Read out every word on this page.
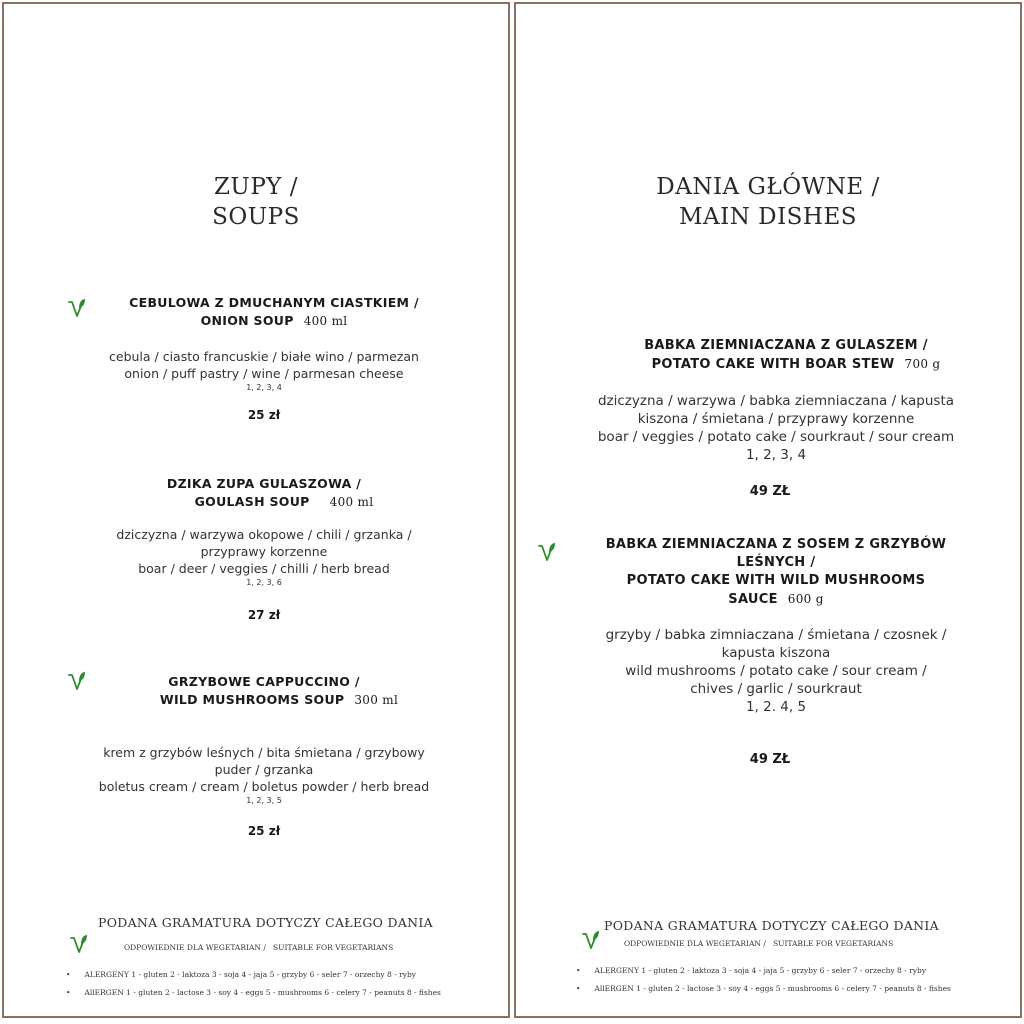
ZUPY /
SOUPS
CEBULOWA Z DMUCHANYM CIASTKIEM /
ONION SOUP 400 ml
cebula / ciasto francuskie / białe wino / parmezan
onion / puff pastry / wine / parmesan cheese
1, 2, 3, 4
25 zł
DZIKA ZUPA GULASZOWA /
GOULASH SOUP 400 ml
dziczyzna / warzywa okopowe / chili / grzanka /
przyprawy korzenne
boar / deer / veggies / chilli / herb bread
1, 2, 3, 6
27 zł
GRZYBOWE CAPPUCCINO /
WILD MUSHROOMS SOUP 300 ml
krem z grzybów leśnych / bita śmietana / grzybowy
puder / grzanka
boletus cream / cream / boletus powder / herb bread
1, 2, 3, 5
25 zł
PODANA GRAMATURA DOTYCZY CAŁEGO DANIA
ODPOWIEDNIE DLA WEGETARIAN /   SUITABLE FOR VEGETARIANS
• ALERGENY 1 - gluten 2 - laktoza 3 - soja 4 - jaja 5 - grzyby 6 - seler 7 - orzechy 8 - ryby
• AllERGEN 1 - gluten 2 - lactose 3 - soy 4 - eggs 5 - mushrooms 6 - celery 7 - peanuts 8 - fishes
DANIA GŁÓWNE /
MAIN DISHES
BABKA ZIEMNIACZANA Z GULASZEM /
POTATO CAKE WITH BOAR STEW 700 g
dziczyzna / warzywa / babka ziemniaczana / kapusta
kiszona / śmietana / przyprawy korzenne
boar / veggies / potato cake / sourkraut / sour cream
1, 2, 3, 4
49 ZŁ
BABKA ZIEMNIACZANA Z SOSEM Z GRZYBÓW
LEŚNYCH /
POTATO CAKE WITH WILD MUSHROOMS
SAUCE 600 g
grzyby / babka zimniaczana / śmietana / czosnek /
kapusta kiszona
wild mushrooms / potato cake / sour cream /
chives / garlic / sourkraut
1, 2. 4, 5
49 ZŁ
PODANA GRAMATURA DOTYCZY CAŁEGO DANIA
ODPOWIEDNIE DLA WEGETARIAN /   SUITABLE FOR VEGETARIANS
• ALERGENY 1 - gluten 2 - laktoza 3 - soja 4 - jaja 5 - grzyby 6 - seler 7 - orzechy 8 - ryby
• AllERGEN 1 - gluten 2 - lactose 3 - soy 4 - eggs 5 - mushrooms 6 - celery 7 - peanuts 8 - fishes
